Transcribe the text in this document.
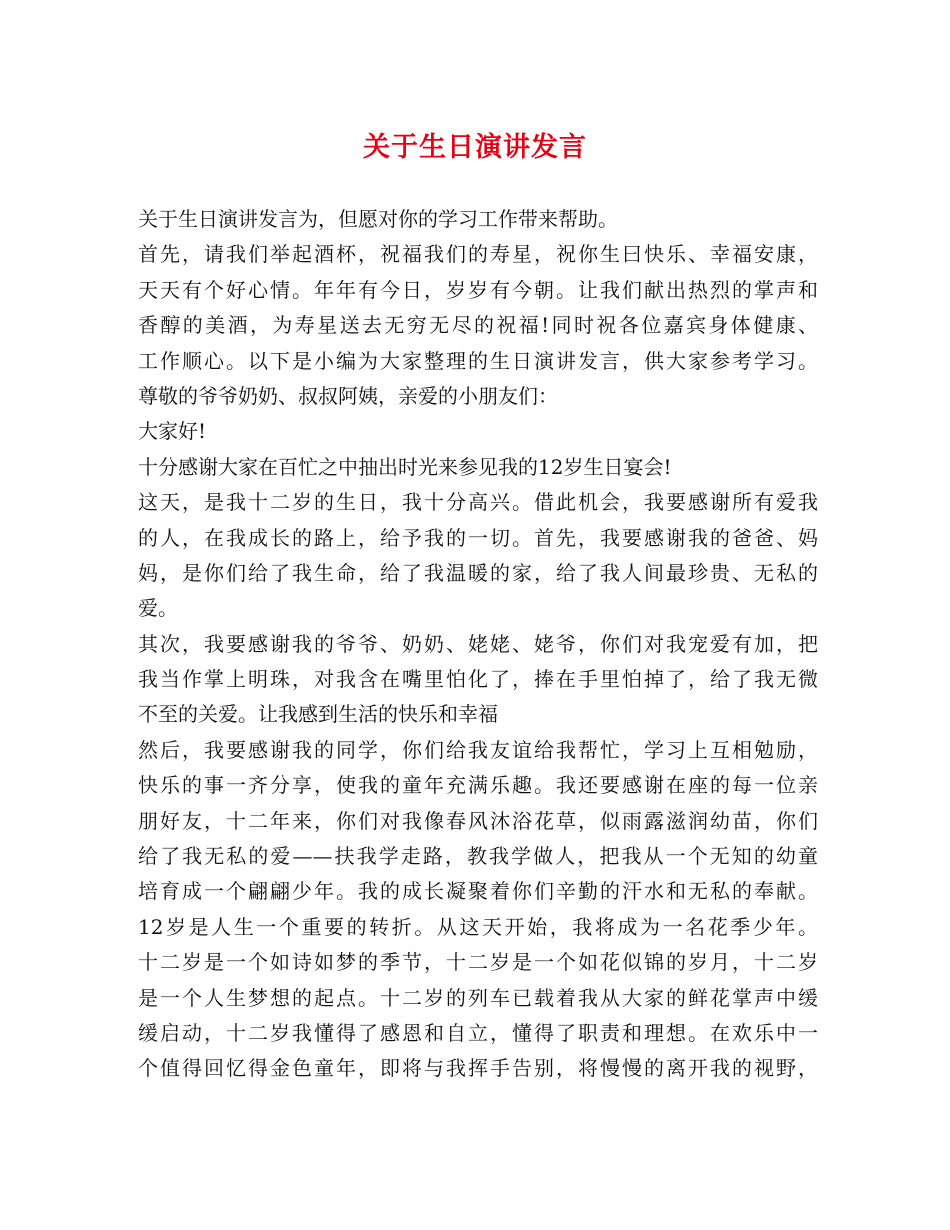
关于生日演讲发言
关于生日演讲发言为，但愿对你的学习工作带来帮助。
首先，请我们举起酒杯，祝福我们的寿星，祝你生曰快乐、幸福安康，
天天有个好心情。年年有今日，岁岁有今朝。让我们献出热烈的掌声和
香醇的美酒，为寿星送去无穷无尽的祝福!同时祝各位嘉宾身体健康、
工作顺心。以下是小编为大家整理的生日演讲发言，供大家参考学习。
尊敬的爷爷奶奶、叔叔阿姨，亲爱的小朋友们：
大家好!
十分感谢大家在百忙之中抽出时光来参见我的12岁生日宴会!
这天，是我十二岁的生日，我十分高兴。借此机会，我要感谢所有爱我
的人，在我成长的路上，给予我的一切。首先，我要感谢我的爸爸、妈
妈，是你们给了我生命，给了我温暖的家，给了我人间最珍贵、无私的
爱。
其次，我要感谢我的爷爷、奶奶、姥姥、姥爷，你们对我宠爱有加，把
我当作掌上明珠，对我含在嘴里怕化了，捧在手里怕掉了，给了我无微
不至的关爱。让我感到生活的快乐和幸福
然后，我要感谢我的同学，你们给我友谊给我帮忙，学习上互相勉励，
快乐的事一齐分享，使我的童年充满乐趣。我还要感谢在座的每一位亲
朋好友，十二年来，你们对我像春风沐浴花草，似雨露滋润幼苗，你们
给了我无私的爱——扶我学走路，教我学做人，把我从一个无知的幼童
培育成一个翩翩少年。我的成长凝聚着你们辛勤的汗水和无私的奉献。
12岁是人生一个重要的转折。从这天开始，我将成为一名花季少年。
十二岁是一个如诗如梦的季节，十二岁是一个如花似锦的岁月，十二岁
是一个人生梦想的起点。十二岁的列车已载着我从大家的鲜花掌声中缓
缓启动，十二岁我懂得了感恩和自立，懂得了职责和理想。在欢乐中一
个值得回忆得金色童年，即将与我挥手告别，将慢慢的离开我的视野，
